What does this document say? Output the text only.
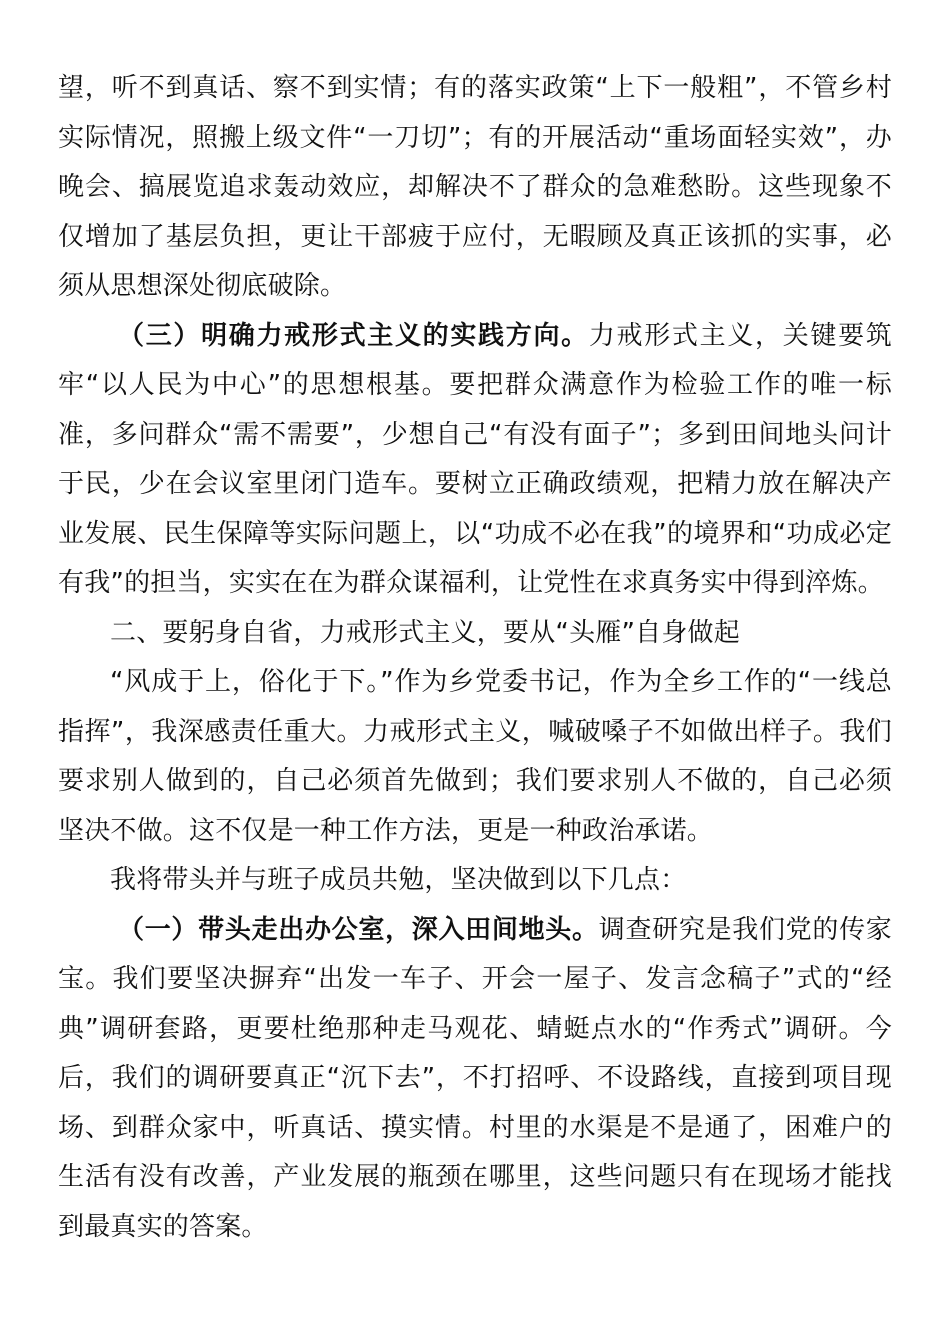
望，听不到真话、察不到实情；有的落实政策“上下一般粗”，不管乡村实际情况，照搬上级文件“一刀切”；有的开展活动“重场面轻实效”，办晚会、搞展览追求轰动效应，却解决不了群众的急难愁盼。这些现象不仅增加了基层负担，更让干部疲于应付，无暇顾及真正该抓的实事，必须从思想深处彻底破除。

（三）明确力戒形式主义的实践方向。力戒形式主义，关键要筑牢“以人民为中心”的思想根基。要把群众满意作为检验工作的唯一标准，多问群众“需不需要”，少想自己“有没有面子”；多到田间地头问计于民，少在会议室里闭门造车。要树立正确政绩观，把精力放在解决产业发展、民生保障等实际问题上，以“功成不必在我”的境界和“功成必定有我”的担当，实实在在为群众谋福利，让党性在求真务实中得到淬炼。

二、要躬身自省，力戒形式主义，要从“头雁”自身做起

“风成于上，俗化于下。”作为乡党委书记，作为全乡工作的“一线总指挥”，我深感责任重大。力戒形式主义，喊破嗓子不如做出样子。我们要求别人做到的，自己必须首先做到；我们要求别人不做的，自己必须坚决不做。这不仅是一种工作方法，更是一种政治承诺。

我将带头并与班子成员共勉，坚决做到以下几点：

（一）带头走出办公室，深入田间地头。调查研究是我们党的传家宝。我们要坚决摒弃“出发一车子、开会一屋子、发言念稿子”式的“经典”调研套路，更要杜绝那种走马观花、蜻蜓点水的“作秀式”调研。今后，我们的调研要真正“沉下去”，不打招呼、不设路线，直接到项目现场、到群众家中，听真话、摸实情。村里的水渠是不是通了，困难户的生活有没有改善，产业发展的瓶颈在哪里，这些问题只有在现场才能找到最真实的答案。
